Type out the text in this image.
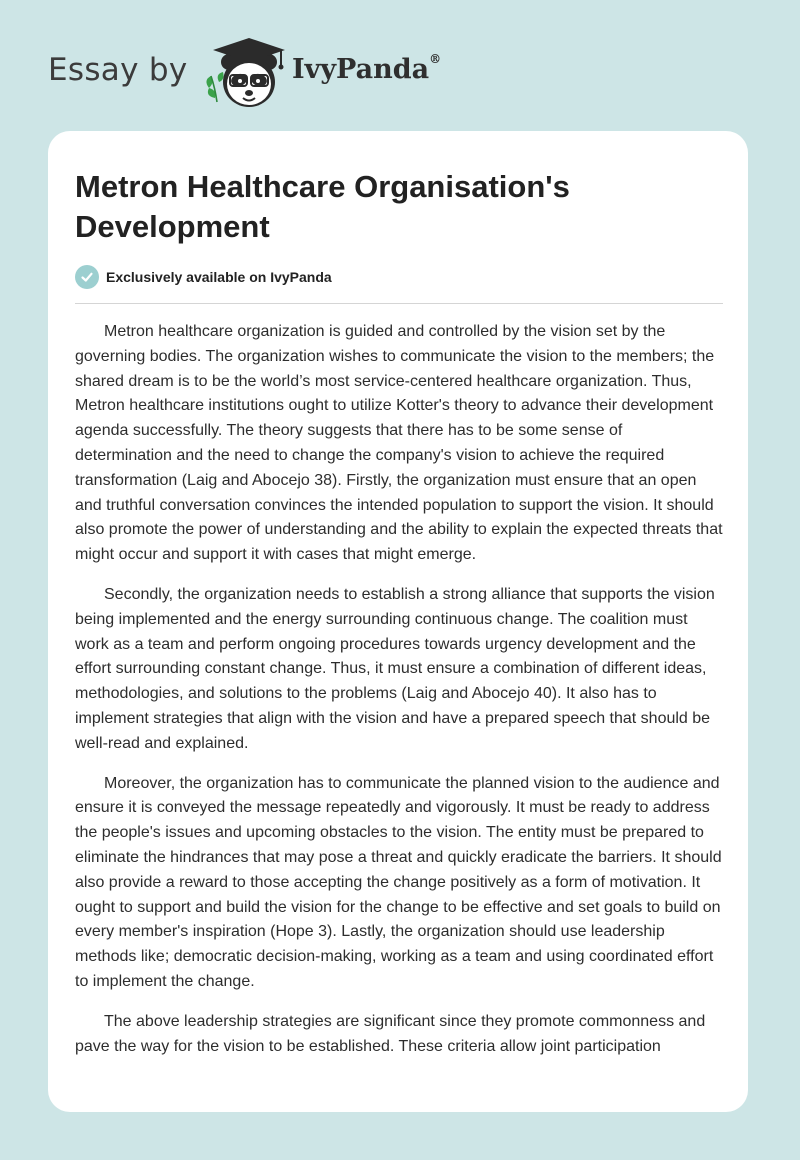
Essay by	IvyPanda®
Metron Healthcare Organisation's Development
Exclusively available on IvyPanda

Metron healthcare organization is guided and controlled by the vision set by the governing bodies. The organization wishes to communicate the vision to the members; the shared dream is to be the world’s most service-centered healthcare organization. Thus, Metron healthcare institutions ought to utilize Kotter's theory to advance their development agenda successfully. The theory suggests that there has to be some sense of determination and the need to change the company's vision to achieve the required transformation (Laig and Abocejo 38). Firstly, the organization must ensure that an open and truthful conversation convinces the intended population to support the vision. It should also promote the power of understanding and the ability to explain the expected threats that might occur and support it with cases that might emerge.

Secondly, the organization needs to establish a strong alliance that supports the vision being implemented and the energy surrounding continuous change. The coalition must work as a team and perform ongoing procedures towards urgency development and the effort surrounding constant change. Thus, it must ensure a combination of different ideas, methodologies, and solutions to the problems (Laig and Abocejo 40). It also has to implement strategies that align with the vision and have a prepared speech that should be well-read and explained.

Moreover, the organization has to communicate the planned vision to the audience and ensure it is conveyed the message repeatedly and vigorously. It must be ready to address the people's issues and upcoming obstacles to the vision. The entity must be prepared to eliminate the hindrances that may pose a threat and quickly eradicate the barriers. It should also provide a reward to those accepting the change positively as a form of motivation. It ought to support and build the vision for the change to be effective and set goals to build on every member's inspiration (Hope 3). Lastly, the organization should use leadership methods like; democratic decision-making, working as a team and using coordinated effort to implement the change.

The above leadership strategies are significant since they promote commonness and pave the way for the vision to be established. These criteria allow joint participation
